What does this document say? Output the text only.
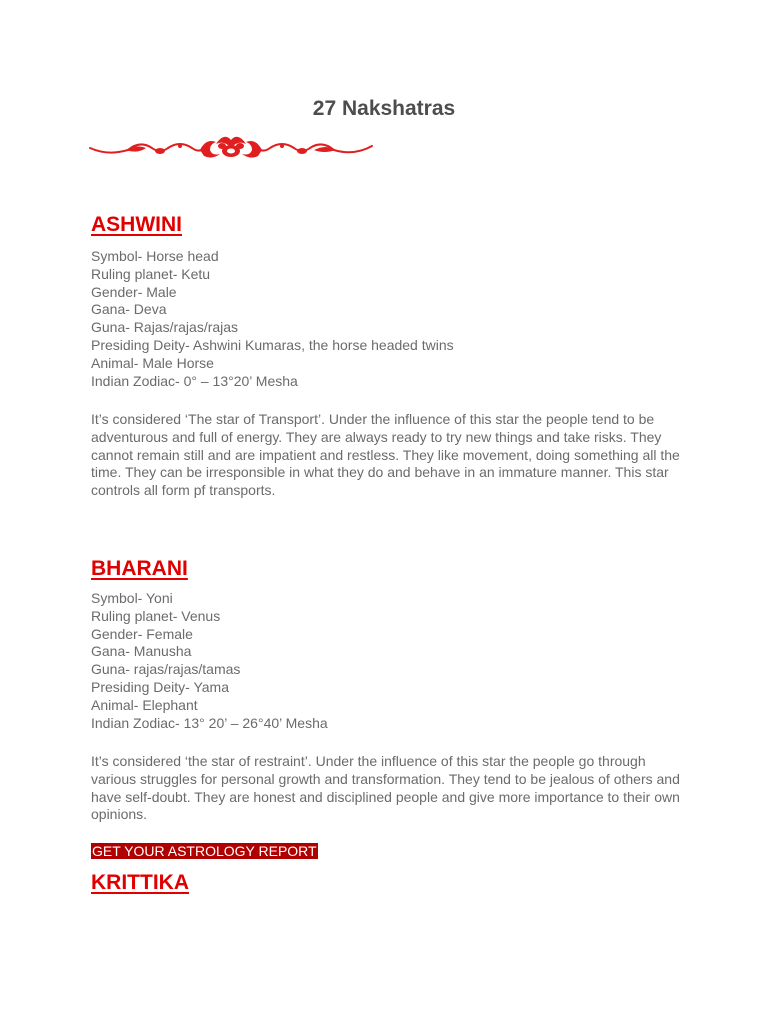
27 Nakshatras
ASHWINI
Symbol- Horse head
Ruling planet- Ketu
Gender- Male
Gana- Deva
Guna- Rajas/rajas/rajas
Presiding Deity- Ashwini Kumaras, the horse headed twins
Animal- Male Horse
Indian Zodiac- 0° – 13°20’ Mesha

It’s considered ‘The star of Transport’. Under the influence of this star the people tend to be adventurous and full of energy. They are always ready to try new things and take risks. They cannot remain still and are impatient and restless. They like movement, doing something all the time. They can be irresponsible in what they do and behave in an immature manner. This star controls all form pf transports.

BHARANI
Symbol- Yoni
Ruling planet- Venus
Gender- Female
Gana- Manusha
Guna- rajas/rajas/tamas
Presiding Deity- Yama
Animal- Elephant
Indian Zodiac- 13° 20’ – 26°40’ Mesha

It’s considered ‘the star of restraint’. Under the influence of this star the people go through various struggles for personal growth and transformation. They tend to be jealous of others and have self-doubt. They are honest and disciplined people and give more importance to their own opinions.

GET YOUR ASTROLOGY REPORT
KRITTIKA
